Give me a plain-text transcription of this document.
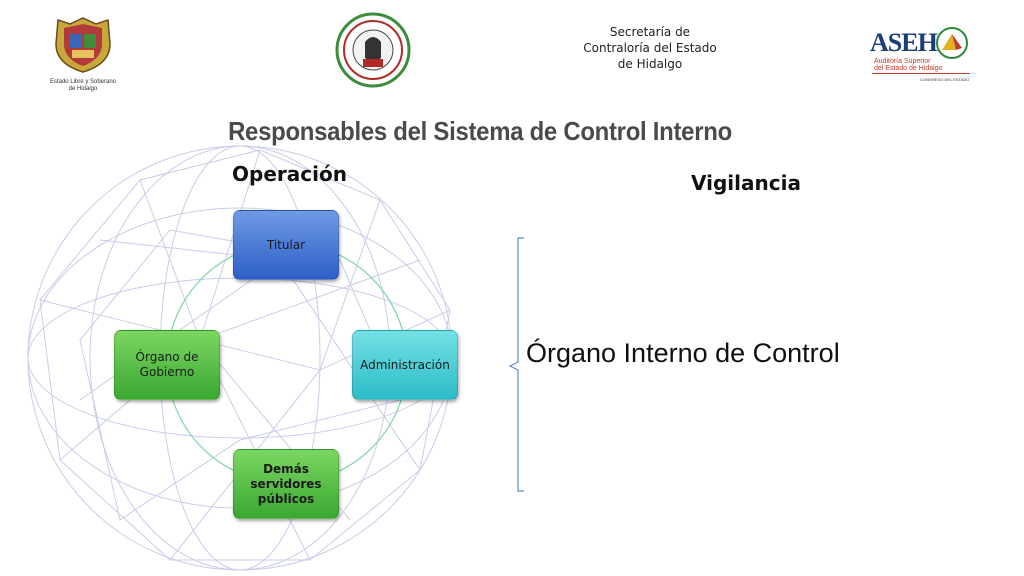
Estado Libre y Soberano de Hidalgo
Secretaría de
Contraloría del Estado
de Hidalgo
ASEH
Auditoría Superior
del Estado de Hidalgo
CONGRESO DEL ESTADO
Responsables del Sistema de Control Interno
Operación	Vigilancia
Titular
Administración
Demás servidores públicos
Órgano de Gobierno
Órgano Interno de Control
